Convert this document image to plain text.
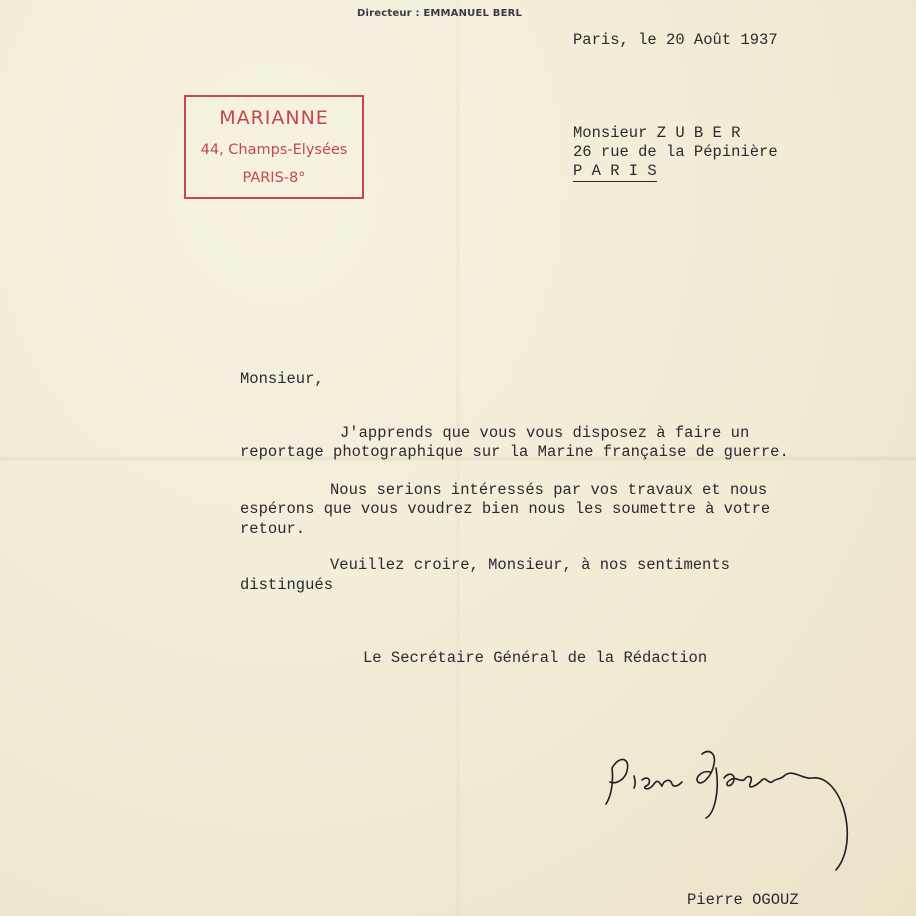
Directeur : EMMANUEL BERL
Paris, le 20 Août 1937
MARIANNE
44, Champs-Elysées
PARIS-8°
Monsieur Z U B E R
26 rue de la Pépinière
P A R I S
Monsieur,
J'apprends que vous vous disposez à faire un
reportage photographique sur la Marine française de guerre.
Nous serions intéressés par vos travaux et nous
espérons que vous voudrez bien nous les soumettre à votre
retour.
Veuillez croire, Monsieur, à nos sentiments
distingués
Le Secrétaire Général de la Rédaction
Pierre OGOUZ
